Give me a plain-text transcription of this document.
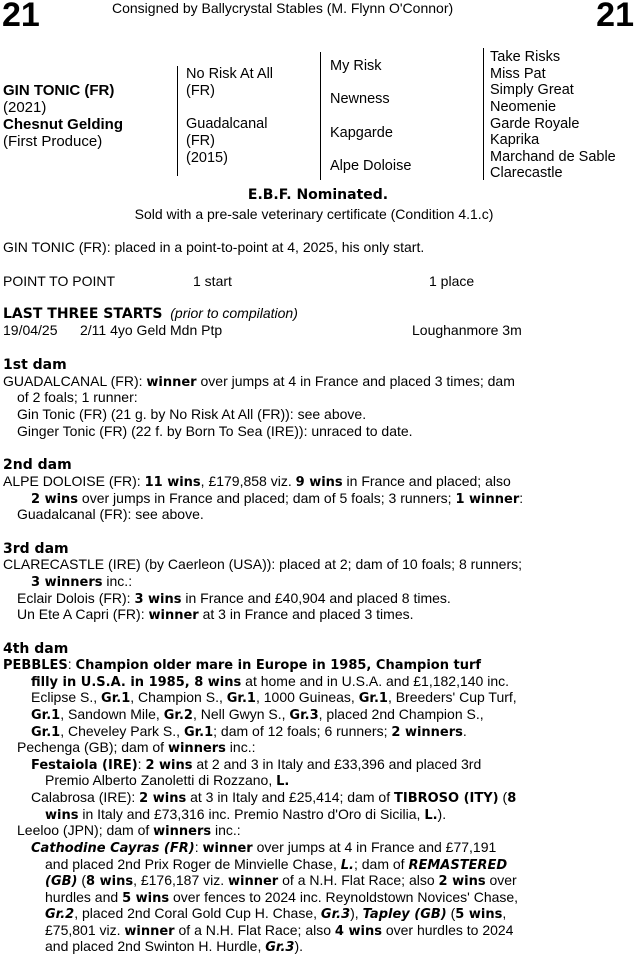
21	21
Consigned by Ballycrystal Stables (M. Flynn O'Connor)
GIN TONIC (FR)
(2021)
Chesnut Gelding
(First Produce)
No Risk At All
(FR)
Guadalcanal
(FR)
(2015)
My Risk
Newness
Kapgarde
Alpe Doloise
Take Risks
Miss Pat
Simply Great
Neomenie
Garde Royale
Kaprika
Marchand de Sable
Clarecastle
E.B.F. Nominated.
Sold with a pre-sale veterinary certificate (Condition 4.1.c)
GIN TONIC (FR): placed in a point-to-point at 4, 2025, his only start.
POINT TO POINT	1 start	1 place
LAST THREE STARTS (prior to compilation)
19/04/25 2/11 4yo Geld Mdn Ptp	Loughanmore 3m
1st dam
GUADALCANAL (FR): winner over jumps at 4 in France and placed 3 times; dam
of 2 foals; 1 runner:
Gin Tonic (FR) (21 g. by No Risk At All (FR)): see above.
Ginger Tonic (FR) (22 f. by Born To Sea (IRE)): unraced to date.
2nd dam
ALPE DOLOISE (FR): 11 wins, £179,858 viz. 9 wins in France and placed; also
2 wins over jumps in France and placed; dam of 5 foals; 3 runners; 1 winner:
Guadalcanal (FR): see above.
3rd dam
CLARECASTLE (IRE) (by Caerleon (USA)): placed at 2; dam of 10 foals; 8 runners;
3 winners inc.:
Eclair Dolois (FR): 3 wins in France and £40,904 and placed 8 times.
Un Ete A Capri (FR): winner at 3 in France and placed 3 times.
4th dam
PEBBLES: Champion older mare in Europe in 1985, Champion turf
filly in U.S.A. in 1985, 8 wins at home and in U.S.A. and £1,182,140 inc.
Eclipse S., Gr.1, Champion S., Gr.1, 1000 Guineas, Gr.1, Breeders' Cup Turf,
Gr.1, Sandown Mile, Gr.2, Nell Gwyn S., Gr.3, placed 2nd Champion S.,
Gr.1, Cheveley Park S., Gr.1; dam of 12 foals; 6 runners; 2 winners.
Pechenga (GB); dam of winners inc.:
Festaiola (IRE): 2 wins at 2 and 3 in Italy and £33,396 and placed 3rd
Premio Alberto Zanoletti di Rozzano, L.
Calabrosa (IRE): 2 wins at 3 in Italy and £25,414; dam of TIBROSO (ITY) (8
wins in Italy and £73,316 inc. Premio Nastro d'Oro di Sicilia, L.).
Leeloo (JPN); dam of winners inc.:
Cathodine Cayras (FR): winner over jumps at 4 in France and £77,191
and placed 2nd Prix Roger de Minvielle Chase, L.; dam of REMASTERED
(GB) (8 wins, £176,187 viz. winner of a N.H. Flat Race; also 2 wins over
hurdles and 5 wins over fences to 2024 inc. Reynoldstown Novices' Chase,
Gr.2, placed 2nd Coral Gold Cup H. Chase, Gr.3), Tapley (GB) (5 wins,
£75,801 viz. winner of a N.H. Flat Race; also 4 wins over hurdles to 2024
and placed 2nd Swinton H. Hurdle, Gr.3).
